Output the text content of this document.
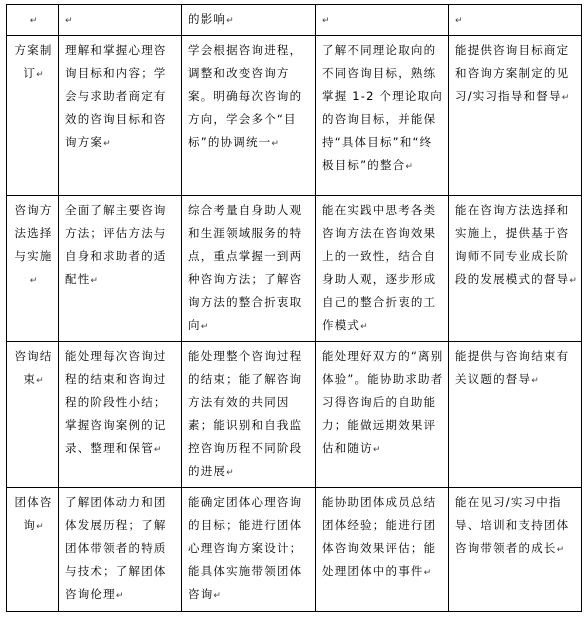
↵	↵	的影响↵	↵	↵
方案制订↵	理解和掌握心理咨询目标和内容；学会与求助者商定有效的咨询目标和咨询方案↵	学会根据咨询进程，调整和改变咨询方案。明确每次咨询的方向，学会多个“目标”的协调统一↵	了解不同理论取向的不同咨询目标，熟练掌握 1-2 个理论取向的咨询目标，并能保持“具体目标”和“终极目标”的整合↵	能提供咨询目标商定和咨询方案制定的见习/实习指导和督导↵
咨询方法选择与实施↵	全面了解主要咨询方法；评估方法与自身和求助者的适配性↵	综合考量自身助人观和生涯领域服务的特点，重点掌握一到两种咨询方法；了解咨询方法的整合折衷取向↵	能在实践中思考各类咨询方法在咨询效果上的一致性，结合自身助人观，逐步形成自己的整合折衷的工作模式↵	能在咨询方法选择和实施上，提供基于咨询师不同专业成长阶段的发展模式的督导↵
咨询结束↵	能处理每次咨询过程的结束和咨询过程的阶段性小结；掌握咨询案例的记录、整理和保管↵	能处理整个咨询过程的结束；能了解咨询方法有效的共同因素；能识别和自我监控咨询历程不同阶段的进展↵	能处理好双方的“离别体验”。能协助求助者习得咨询后的自助能力；能做远期效果评估和随访↵	能提供与咨询结束有关议题的督导↵
团体咨询↵	了解团体动力和团体发展历程；了解团体带领者的特质与技术；了解团体咨询伦理↵	能确定团体心理咨询的目标；能进行团体心理咨询方案设计；能具体实施带领团体咨询↵	能协助团体成员总结团体经验；能进行团体咨询效果评估；能处理团体中的事件↵	能在见习/实习中指导、培训和支持团体咨询带领者的成长↵
